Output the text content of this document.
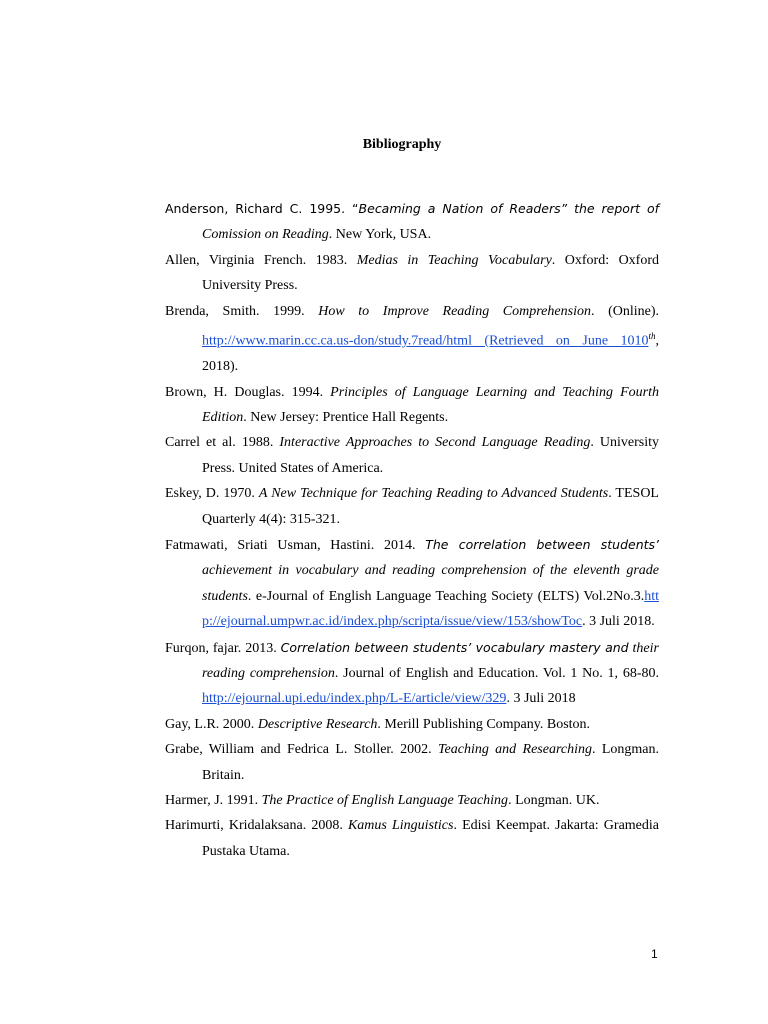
Bibliography

Anderson, Richard C. 1995. “Becaming a Nation of Readers” the report of Comission on Reading. New York, USA.

Allen, Virginia French. 1983. Medias in Teaching Vocabulary. Oxford: Oxford University Press.

Brenda, Smith. 1999. How to Improve Reading Comprehension. (Online). http://www.marin.cc.ca.us-don/study.7read/html (Retrieved on June 1010th, 2018).

Brown, H. Douglas. 1994. Principles of Language Learning and Teaching Fourth Edition. New Jersey: Prentice Hall Regents.

Carrel et al. 1988. Interactive Approaches to Second Language Reading. University Press. United States of America.

Eskey, D. 1970. A New Technique for Teaching Reading to Advanced Students. TESOL Quarterly 4(4): 315-321.

Fatmawati, Sriati Usman, Hastini. 2014. The correlation between students’ achievement in vocabulary and reading comprehension of the eleventh grade students. e-Journal of English Language Teaching Society (ELTS) Vol.2No.3.http://ejournal.umpwr.ac.id/index.php/scripta/issue/view/153/showToc. 3 Juli 2018.

Furqon, fajar. 2013. Correlation between students’ vocabulary mastery and their reading comprehension. Journal of English and Education. Vol. 1 No. 1, 68-80. http://ejournal.upi.edu/index.php/L-E/article/view/329. 3 Juli 2018

Gay, L.R. 2000. Descriptive Research. Merill Publishing Company. Boston.

Grabe, William and Fedrica L. Stoller. 2002. Teaching and Researching. Longman. Britain.

Harmer, J. 1991. The Practice of English Language Teaching. Longman. UK.

Harimurti, Kridalaksana. 2008. Kamus Linguistics. Edisi Keempat. Jakarta: Gramedia Pustaka Utama.

1
